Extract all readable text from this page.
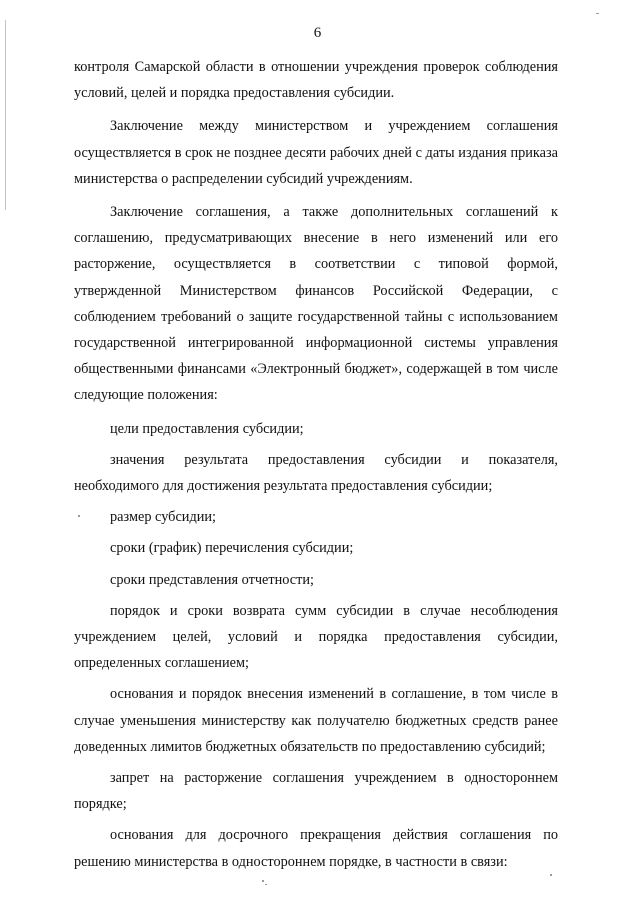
6

контроля Самарской области в отношении учреждения проверок соблюдения условий, целей и порядка предоставления субсидии.

Заключение между министерством и учреждением соглашения осуществляется в срок не позднее десяти рабочих дней с даты издания приказа министерства о распределении субсидий учреждениям.

Заключение соглашения, а также дополнительных соглашений к соглашению, предусматривающих внесение в него изменений или его расторжение, осуществляется в соответствии с типовой формой, утвержденной Министерством финансов Российской Федерации, с соблюдением требований о защите государственной тайны с использованием государственной интегрированной информационной системы управления общественными финансами «Электронный бюджет», содержащей в том числе следующие положения:

цели предоставления субсидии;

значения результата предоставления субсидии и показателя, необходимого для достижения результата предоставления субсидии;

размер субсидии;

сроки (график) перечисления субсидии;

сроки представления отчетности;

порядок и сроки возврата сумм субсидии в случае несоблюдения учреждением целей, условий и порядка предоставления субсидии, определенных соглашением;

основания и порядок внесения изменений в соглашение, в том числе в случае уменьшения министерству как получателю бюджетных средств ранее доведенных лимитов бюджетных обязательств по предоставлению субсидий;

запрет на расторжение соглашения учреждением в одностороннем порядке;

основания для досрочного прекращения действия соглашения по решению министерства в одностороннем порядке, в частности в связи:
